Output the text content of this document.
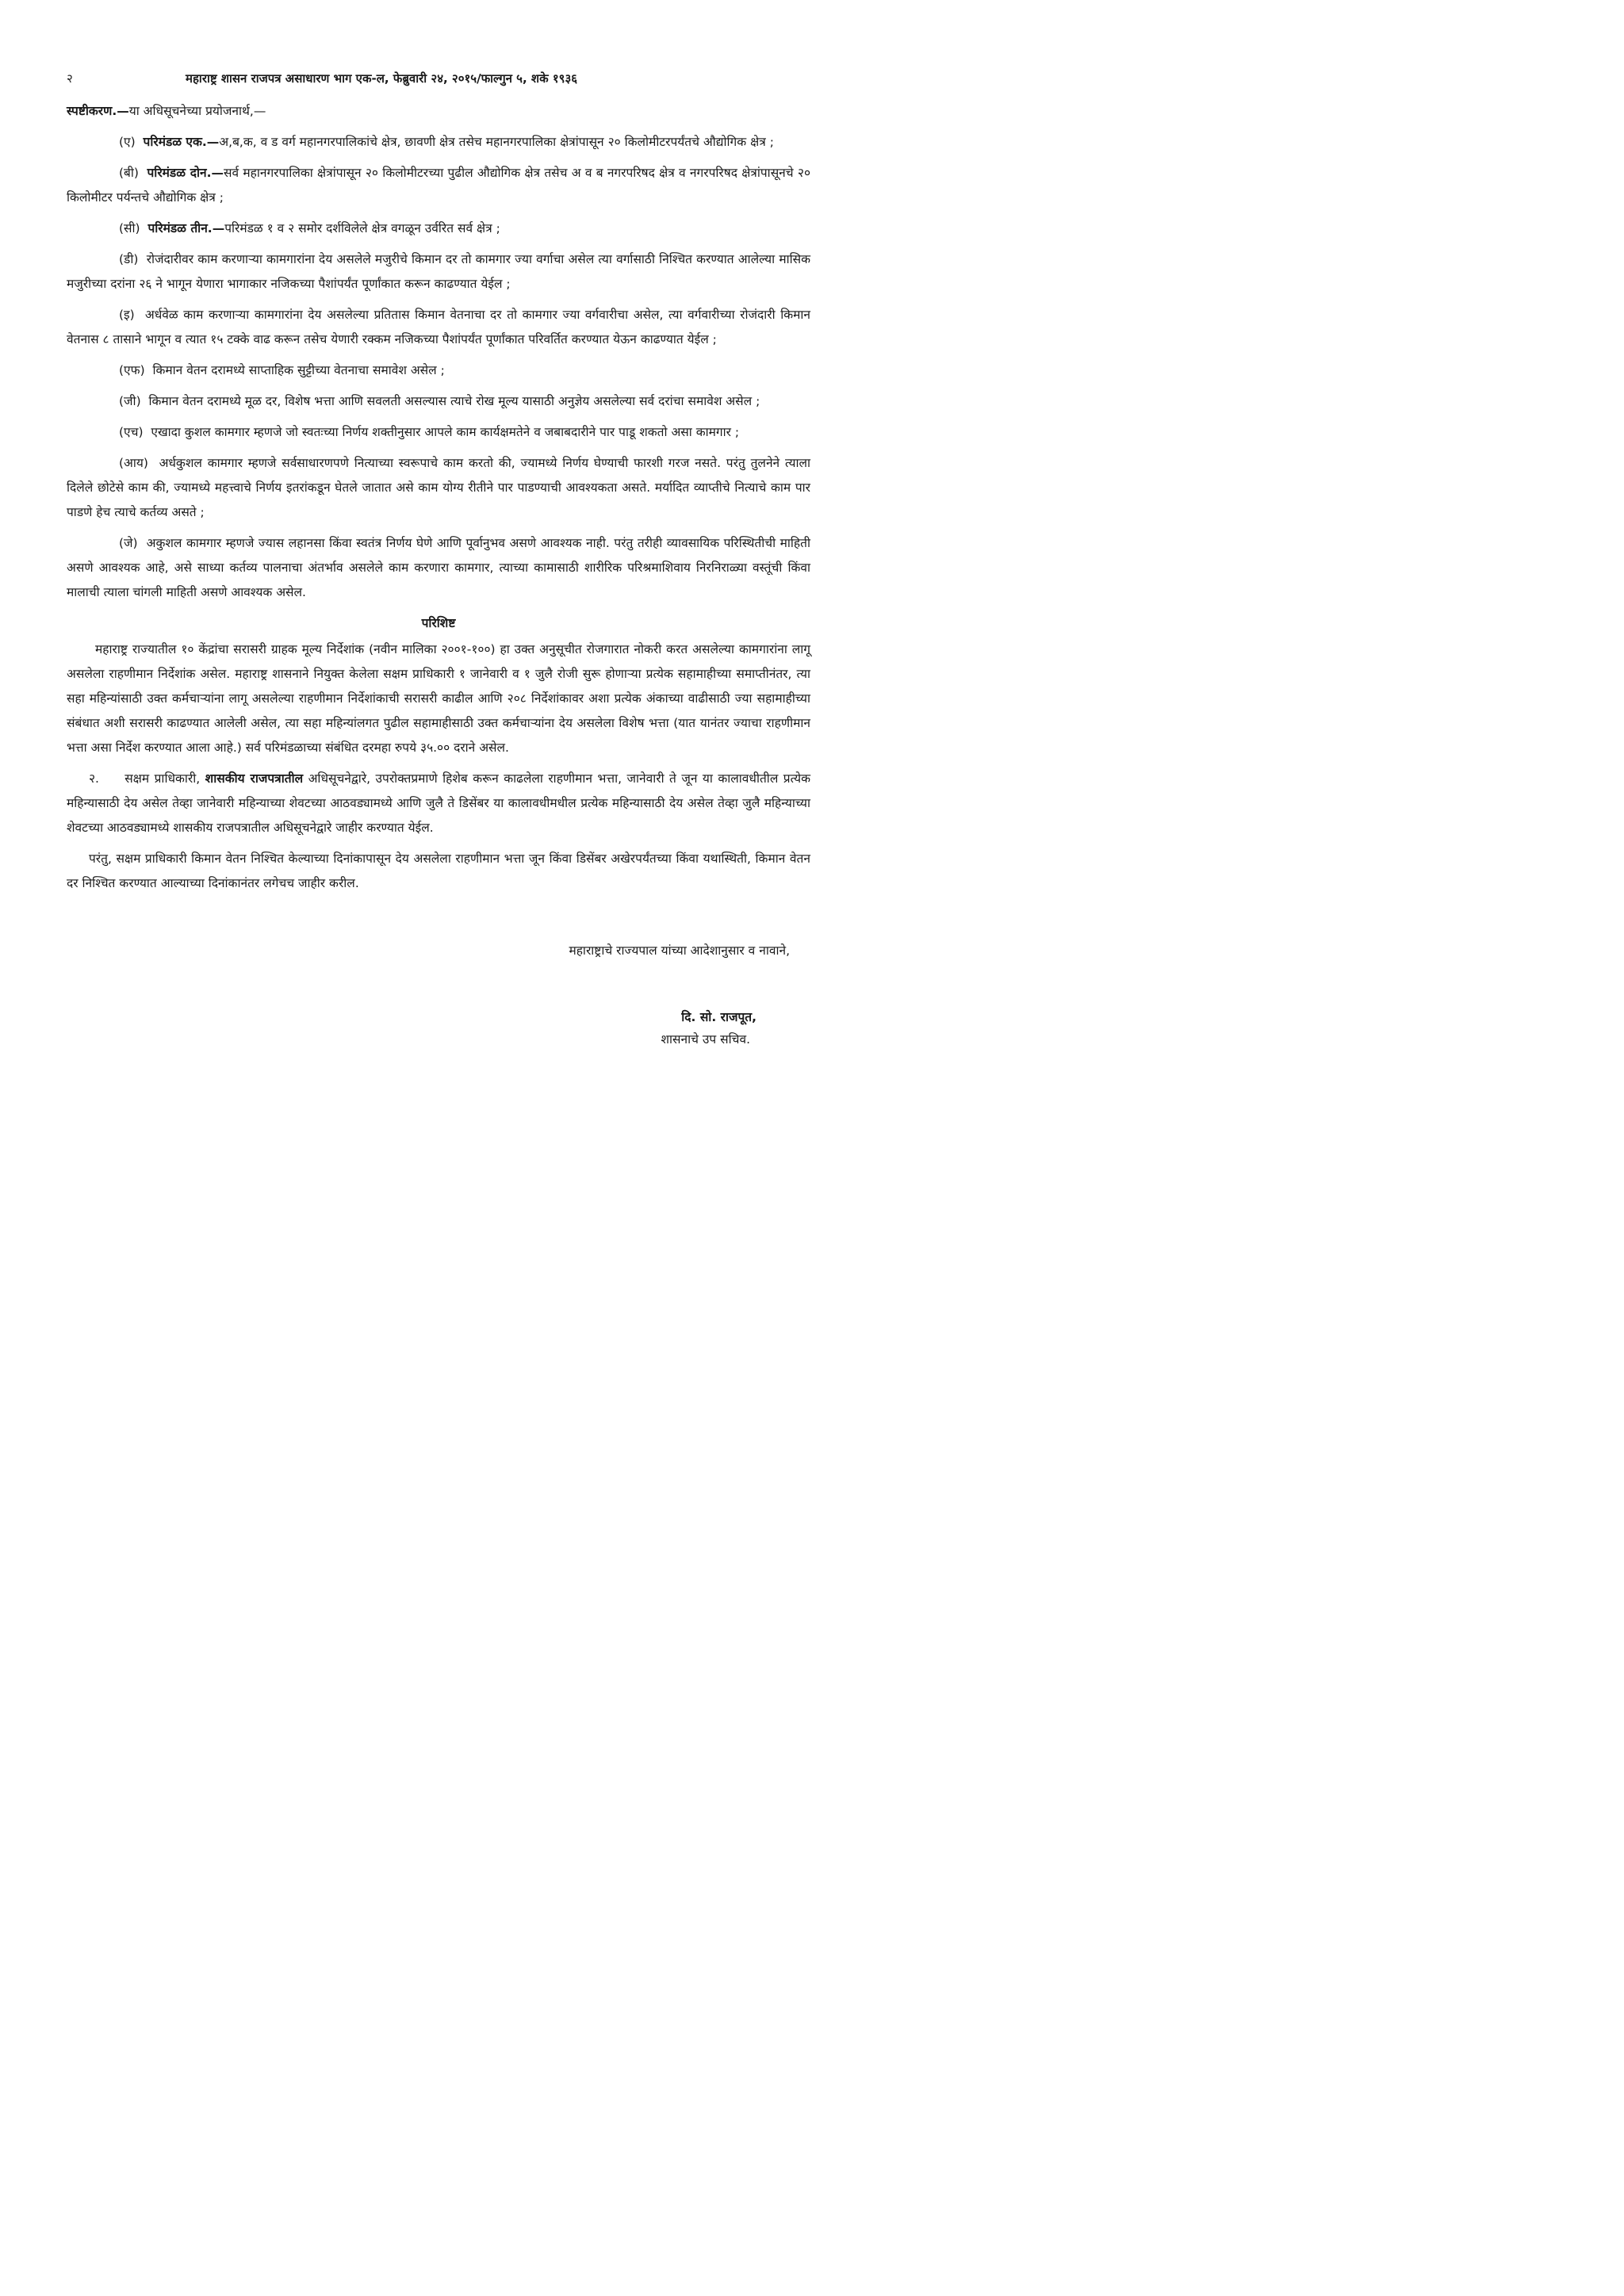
२	महाराष्ट्र शासन राजपत्र असाधारण भाग एक-ल, फेब्रुवारी २४, २०१५/फाल्गुन ५, शके १९३६

स्पष्टीकरण.—या अधिसूचनेच्या प्रयोजनार्थ,—

(ए) परिमंडळ एक.—अ,ब,क, व ड वर्ग महानगरपालिकांचे क्षेत्र, छावणी क्षेत्र तसेच महानगरपालिका क्षेत्रांपासून २० किलोमीटरपर्यंतचे औद्योगिक क्षेत्र ;

(बी) परिमंडळ दोन.—सर्व महानगरपालिका क्षेत्रांपासून २० किलोमीटरच्या पुढील औद्योगिक क्षेत्र तसेच अ व ब नगरपरिषद क्षेत्र व नगरपरिषद क्षेत्रांपासूनचे २० किलोमीटर पर्यन्तचे औद्योगिक क्षेत्र ;

(सी) परिमंडळ तीन.—परिमंडळ १ व २ समोर दर्शविलेले क्षेत्र वगळून उर्वरित सर्व क्षेत्र ;

(डी) रोजंदारीवर काम करणाऱ्या कामगारांना देय असलेले मजुरीचे किमान दर तो कामगार ज्या वर्गाचा असेल त्या वर्गासाठी निश्चित करण्यात आलेल्या मासिक मजुरीच्या दरांना २६ ने भागून येणारा भागाकार नजिकच्या पैशांपर्यंत पूर्णांकात करून काढण्यात येईल ;

(इ) अर्धवेळ काम करणाऱ्या कामगारांना देय असलेल्या प्रतितास किमान वेतनाचा दर तो कामगार ज्या वर्गवारीचा असेल, त्या वर्गवारीच्या रोजंदारी किमान वेतनास ८ तासाने भागून व त्यात १५ टक्के वाढ करून तसेच येणारी रक्कम नजिकच्या पैशांपर्यंत पूर्णांकात परिवर्तित करण्यात येऊन काढण्यात येईल ;

(एफ) किमान वेतन दरामध्ये साप्ताहिक सुट्टीच्या वेतनाचा समावेश असेल ;

(जी) किमान वेतन दरामध्ये मूळ दर, विशेष भत्ता आणि सवलती असल्यास त्याचे रोख मूल्य यासाठी अनुज्ञेय असलेल्या सर्व दरांचा समावेश असेल ;

(एच) एखादा कुशल कामगार म्हणजे जो स्वतःच्या निर्णय शक्तीनुसार आपले काम कार्यक्षमतेने व जबाबदारीने पार पाडू शकतो असा कामगार ;

(आय) अर्धकुशल कामगार म्हणजे सर्वसाधारणपणे नित्याच्या स्वरूपाचे काम करतो की, ज्यामध्ये निर्णय घेण्याची फारशी गरज नसते. परंतु तुलनेने त्याला दिलेले छोटेसे काम की, ज्यामध्ये महत्त्वाचे निर्णय इतरांकडून घेतले जातात असे काम योग्य रीतीने पार पाडण्याची आवश्यकता असते. मर्यादित व्याप्तीचे नित्याचे काम पार पाडणे हेच त्याचे कर्तव्य असते ;

(जे) अकुशल कामगार म्हणजे ज्यास लहानसा किंवा स्वतंत्र निर्णय घेणे आणि पूर्वानुभव असणे आवश्यक नाही. परंतु तरीही व्यावसायिक परिस्थितीची माहिती असणे आवश्यक आहे, असे साध्या कर्तव्य पालनाचा अंतर्भाव असलेले काम करणारा कामगार, त्याच्या कामासाठी शारीरिक परिश्रमाशिवाय निरनिराळ्या वस्तूंची किंवा मालाची त्याला चांगली माहिती असणे आवश्यक असेल.

परिशिष्ट

महाराष्ट्र राज्यातील १० केंद्रांचा सरासरी ग्राहक मूल्य निर्देशांक (नवीन मालिका २००१-१००) हा उक्त अनुसूचीत रोजगारात नोकरी करत असलेल्या कामगारांना लागू असलेला राहणीमान निर्देशांक असेल. महाराष्ट्र शासनाने नियुक्त केलेला सक्षम प्राधिकारी १ जानेवारी व १ जुलै रोजी सुरू होणाऱ्या प्रत्येक सहामाहीच्या समाप्तीनंतर, त्या सहा महिन्यांसाठी उक्त कर्मचाऱ्यांना लागू असलेल्या राहणीमान निर्देशांकाची सरासरी काढील आणि २०८ निर्देशांकावर अशा प्रत्येक अंकाच्या वाढीसाठी ज्या सहामाहीच्या संबंधात अशी सरासरी काढण्यात आलेली असेल, त्या सहा महिन्यांलगत पुढील सहामाहीसाठी उक्त कर्मचाऱ्यांना देय असलेला विशेष भत्ता (यात यानंतर ज्याचा राहणीमान भत्ता असा निर्देश करण्यात आला आहे.) सर्व परिमंडळाच्या संबंधित दरमहा रुपये ३५.०० दराने असेल.

२. सक्षम प्राधिकारी, शासकीय राजपत्रातील अधिसूचनेद्वारे, उपरोक्तप्रमाणे हिशेब करून काढलेला राहणीमान भत्ता, जानेवारी ते जून या कालावधीतील प्रत्येक महिन्यासाठी देय असेल तेव्हा जानेवारी महिन्याच्या शेवटच्या आठवड्यामध्ये आणि जुलै ते डिसेंबर या कालावधीमधील प्रत्येक महिन्यासाठी देय असेल तेव्हा जुलै महिन्याच्या शेवटच्या आठवड्यामध्ये शासकीय राजपत्रातील अधिसूचनेद्वारे जाहीर करण्यात येईल.

परंतु, सक्षम प्राधिकारी किमान वेतन निश्चित केल्याच्या दिनांकापासून देय असलेला राहणीमान भत्ता जून किंवा डिसेंबर अखेरपर्यंतच्या किंवा यथास्थिती, किमान वेतन दर निश्चित करण्यात आल्याच्या दिनांकानंतर लगेचच जाहीर करील.

महाराष्ट्राचे राज्यपाल यांच्या आदेशानुसार व नावाने,
दि. सो. राजपूत,
शासनाचे उप सचिव.
